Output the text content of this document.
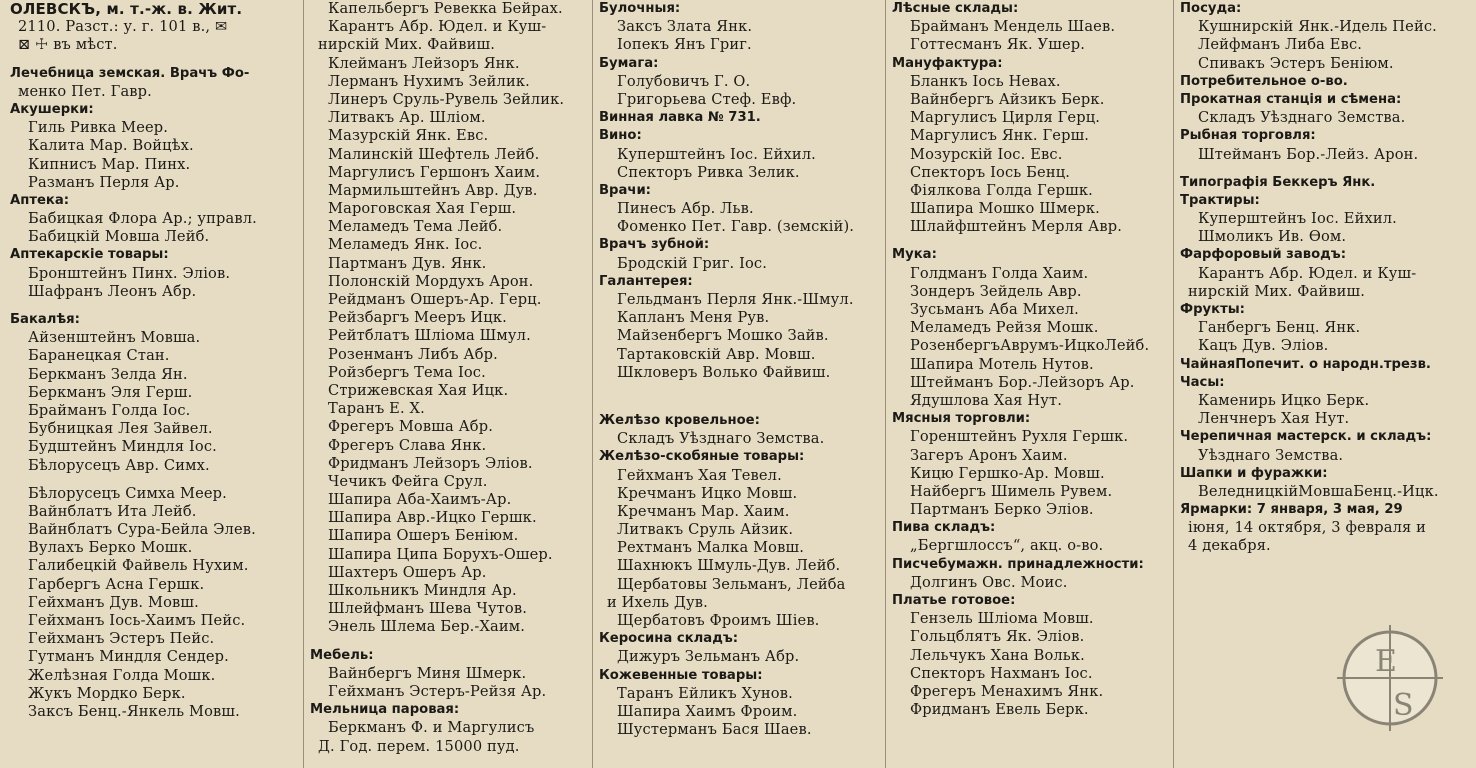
ОЛЕВСКЪ, м. т.-ж. в. Жит.
2110. Разст.: у. г. 101 в., ✉
⊠ ☩ въ мѣст.
Лечебница земская. Врачъ Фо-
менко Пет. Гавр.
Акушерки:
Гиль Ривка Меер.
Калита Мар. Войцѣх.
Кипнисъ Мар. Пинх.
Разманъ Перля Ар.
Аптека:
Бабицкая Флора Ар.; управл.
Бабицкій Мовша Лейб.
Аптекарскіе товары:
Бронштейнъ Пинх. Эліов.
Шафранъ Леонъ Абр.
Бакалѣя:
Айзенштейнъ Мовша.
Баранецкая Стан.
Беркманъ Зелда Ян.
Беркманъ Эля Герш.
Брайманъ Голда Іос.
Бубницкая Лея Зайвел.
Будштейнъ Миндля Іос.
Бѣлорусецъ Авр. Симх.
Бѣлорусецъ Симха Меер.
Вайнблатъ Ита Лейб.
Вайнблатъ Сура-Бейла Элев.
Вулахъ Берко Мошк.
Галибецкій Файвель Нухим.
Гарбергъ Асна Гершк.
Гейхманъ Дув. Мовш.
Гейхманъ Іось-Хаимъ Пейс.
Гейхманъ Эстеръ Пейс.
Гутманъ Миндля Сендер.
Желѣзная Голда Мошк.
Жукъ Мордко Берк.
Заксъ Бенц.-Янкель Мовш.
Капельбергъ Ревекка Бейрах.
Карантъ Абр. Юдел. и Куш-
нирскій Мих. Файвиш.
Клейманъ Лейзоръ Янк.
Лерманъ Нухимъ Зейлик.
Линеръ Сруль-Рувель Зейлик.
Литвакъ Ар. Шліом.
Мазурскій Янк. Евс.
Малинскій Шефтель Лейб.
Маргулисъ Гершонъ Хаим.
Мармильштейнъ Авр. Дув.
Мароговская Хая Герш.
Меламедъ Тема Лейб.
Меламедъ Янк. Іос.
Партманъ Дув. Янк.
Полонскій Мордухъ Арон.
Рейдманъ Ошеръ-Ар. Герц.
Рейзбаргъ Мееръ Ицк.
Рейтблатъ Шліома Шмул.
Розенманъ Либъ Абр.
Ройзбергъ Тема Іос.
Стрижевская Хая Ицк.
Таранъ Е. Х.
Фрегеръ Мовша Абр.
Фрегеръ Слава Янк.
Фридманъ Лейзоръ Эліов.
Чечикъ Фейга Срул.
Шапира Аба-Хаимъ-Ар.
Шапира Авр.-Ицко Гершк.
Шапира Ошеръ Беніюм.
Шапира Ципа Борухъ-Ошер.
Шахтеръ Ошеръ Ар.
Школьникъ Миндля Ар.
Шлейфманъ Шева Чутов.
Энель Шлема Бер.-Хаим.
Мебель:
Вайнбергъ Миня Шмерк.
Гейхманъ Эстеръ-Рейзя Ар.
Мельница паровая:
Беркманъ Ф. и Маргулисъ
Д. Год. перем. 15000 пуд.
Булочныя:
Заксъ Злата Янк.
Іопекъ Янъ Григ.
Бумага:
Голубовичъ Г. О.
Григорьева Стеф. Евф.
Винная лавка № 731.
Вино:
Куперштейнъ Іос. Ейхил.
Спекторъ Ривка Зелик.
Врачи:
Пинесъ Абр. Льв.
Фоменко Пет. Гавр. (земскій).
Врачъ зубной:
Бродскій Григ. Іос.
Галантерея:
Гельдманъ Перля Янк.-Шмул.
Капланъ Меня Рув.
Майзенбергъ Мошко Зайв.
Тартаковскій Авр. Мовш.
Шкловеръ Волько Файвиш.
Желѣзо кровельное:
Складъ Уѣзднаго Земства.
Желѣзо-скобяные товары:
Гейхманъ Хая Тевел.
Кречманъ Ицко Мовш.
Кречманъ Мар. Хаим.
Литвакъ Сруль Айзик.
Рехтманъ Малка Мовш.
Шахнюкъ Шмуль-Дув. Лейб.
Щербатовы Зельманъ, Лейба
и Ихель Дув.
Щербатовъ Фроимъ Шіев.
Керосина складъ:
Дижуръ Зельманъ Абр.
Кожевенные товары:
Таранъ Ейликъ Хунов.
Шапира Хаимъ Фроим.
Шустерманъ Бася Шаев.
Лѣсные склады:
Брайманъ Мендель Шаев.
Готтесманъ Як. Ушер.
Мануфактура:
Бланкъ Іось Невах.
Вайнбергъ Айзикъ Берк.
Маргулисъ Цирля Герц.
Маргулисъ Янк. Герш.
Мозурскій Іос. Евс.
Спекторъ Іось Бенц.
Фіялкова Голда Гершк.
Шапира Мошко Шмерк.
Шлайфштейнъ Мерля Авр.
Мука:
Голдманъ Голда Хаим.
Зондеръ Зейдель Авр.
Зусьманъ Аба Михел.
Меламедъ Рейзя Мошк.
РозенбергъАврумъ-ИцкоЛейб.
Шапира Мотель Нутов.
Штейманъ Бор.-Лейзоръ Ар.
Ядушлова Хая Нут.
Мясныя торговли:
Горенштейнъ Рухля Гершк.
Загеръ Аронъ Хаим.
Кицю Гершко-Ар. Мовш.
Найбергъ Шимель Рувем.
Партманъ Берко Эліов.
Пива складъ:
„Бергшлоссъ“, акц. о-во.
Писчебумажн. принадлежности:
Долгинъ Овс. Моис.
Платье готовое:
Гензель Шліома Мовш.
Гольцблятъ Як. Эліов.
Лельчукъ Хана Вольк.
Спекторъ Нахманъ Іос.
Фрегеръ Менахимъ Янк.
Фридманъ Евель Берк.
Посуда:
Кушнирскій Янк.-Идель Пейс.
Лейфманъ Либа Евс.
Спивакъ Эстеръ Беніюм.
Потребительное о-во.
Прокатная станція и сѣмена:
Складъ Уѣзднаго Земства.
Рыбная торговля:
Штейманъ Бор.-Лейз. Арон.
Типографія Беккеръ Янк.
Трактиры:
Куперштейнъ Іос. Ейхил.
Шмоликъ Ив. Ѳом.
Фарфоровый заводъ:
Карантъ Абр. Юдел. и Куш-
нирскій Мих. Файвиш.
Фрукты:
Ганбергъ Бенц. Янк.
Кацъ Дув. Эліов.
ЧайнаяПопечит. о народн.трезв.
Часы:
Каменирь Ицко Берк.
Ленчнеръ Хая Нут.
Черепичная мастерск. и складъ:
Уѣзднаго Земства.
Шапки и фуражки:
ВеледницкійМовшаБенц.-Ицк.
Ярмарки: 7 января, 3 мая, 29
іюня, 14 октября, 3 февраля и
4 декабря.
E
S
